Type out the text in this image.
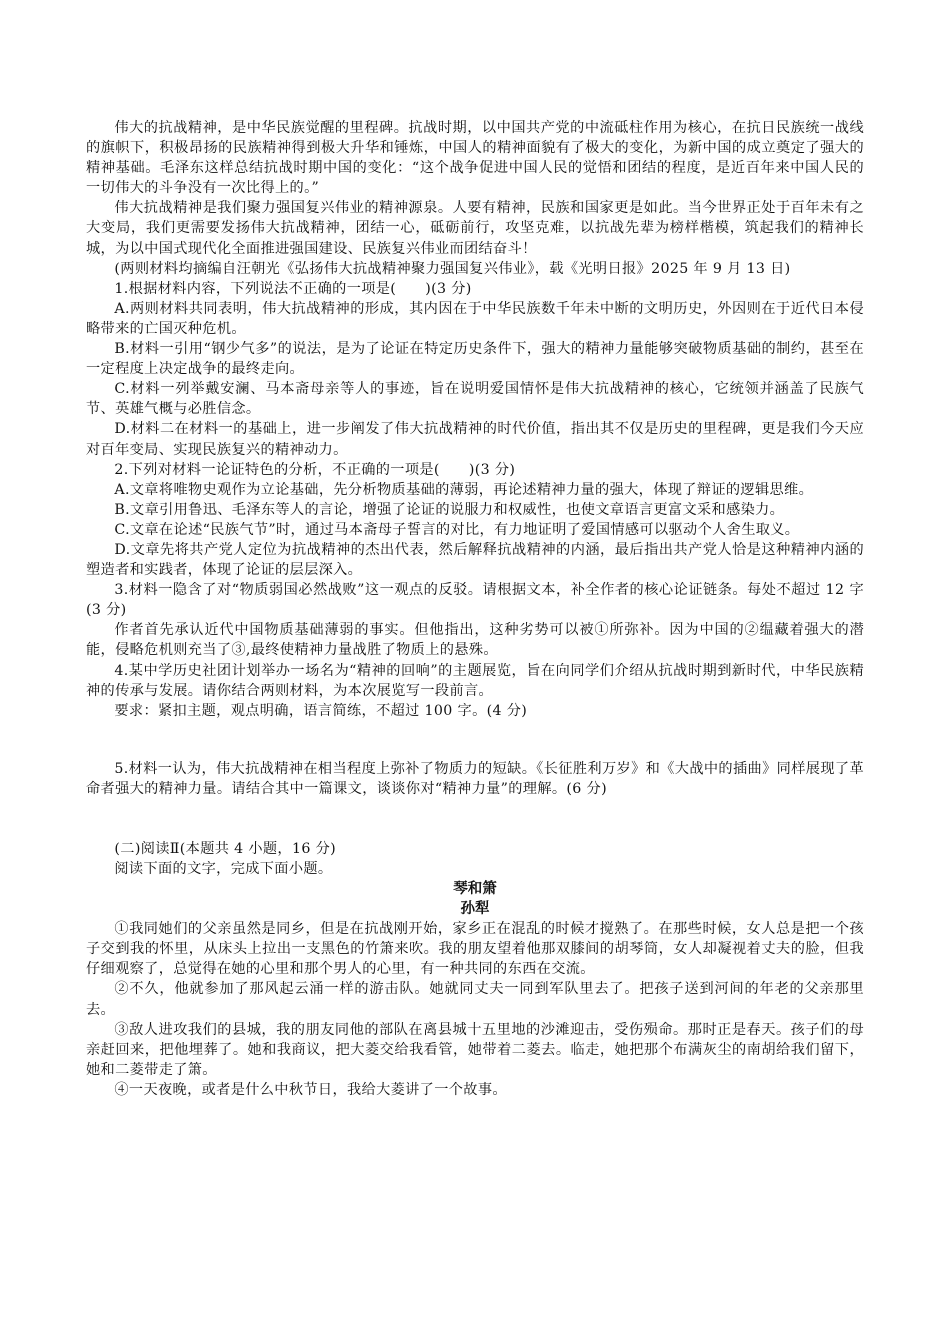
伟大的抗战精神，是中华民族觉醒的里程碑。抗战时期，以中国共产党的中流砥柱作用为核心，在抗日民族统一战线的旗帜下，积极昂扬的民族精神得到极大升华和锤炼，中国人的精神面貌有了极大的变化，为新中国的成立奠定了强大的精神基础。毛泽东这样总结抗战时期中国的变化：“这个战争促进中国人民的觉悟和团结的程度，是近百年来中国人民的一切伟大的斗争没有一次比得上的。”

伟大抗战精神是我们聚力强国复兴伟业的精神源泉。人要有精神，民族和国家更是如此。当今世界正处于百年未有之大变局，我们更需要发扬伟大抗战精神，团结一心，砥砺前行，攻坚克难，以抗战先辈为榜样楷模，筑起我们的精神长城，为以中国式现代化全面推进强国建设、民族复兴伟业而团结奋斗！

(两则材料均摘编自汪朝光《弘扬伟大抗战精神聚力强国复兴伟业》，载《光明日报》2025 年 9 月 13 日)

1.根据材料内容，下列说法不正确的一项是(　　)(3 分)

A.两则材料共同表明，伟大抗战精神的形成，其内因在于中华民族数千年未中断的文明历史，外因则在于近代日本侵略带来的亡国灭种危机。

B.材料一引用“钢少气多”的说法，是为了论证在特定历史条件下，强大的精神力量能够突破物质基础的制约，甚至在一定程度上决定战争的最终走向。

C.材料一列举戴安澜、马本斋母亲等人的事迹，旨在说明爱国情怀是伟大抗战精神的核心，它统领并涵盖了民族气节、英雄气概与必胜信念。

D.材料二在材料一的基础上，进一步阐发了伟大抗战精神的时代价值，指出其不仅是历史的里程碑，更是我们今天应对百年变局、实现民族复兴的精神动力。

2.下列对材料一论证特色的分析，不正确的一项是(　　)(3 分)

A.文章将唯物史观作为立论基础，先分析物质基础的薄弱，再论述精神力量的强大，体现了辩证的逻辑思维。

B.文章引用鲁迅、毛泽东等人的言论，增强了论证的说服力和权威性，也使文章语言更富文采和感染力。

C.文章在论述“民族气节”时，通过马本斋母子誓言的对比，有力地证明了爱国情感可以驱动个人舍生取义。

D.文章先将共产党人定位为抗战精神的杰出代表，然后解释抗战精神的内涵，最后指出共产党人恰是这种精神内涵的塑造者和实践者，体现了论证的层层深入。

3.材料一隐含了对“物质弱国必然战败”这一观点的反驳。请根据文本，补全作者的核心论证链条。每处不超过 12 字(3 分)

作者首先承认近代中国物质基础薄弱的事实。但他指出，这种劣势可以被①所弥补。因为中国的②缊藏着强大的潜能，侵略危机则充当了③,最终使精神力量战胜了物质上的悬殊。

4.某中学历史社团计划举办一场名为“精神的回响”的主题展览，旨在向同学们介绍从抗战时期到新时代，中华民族精神的传承与发展。请你结合两则材料，为本次展览写一段前言。

要求：紧扣主题，观点明确，语言简练，不超过 100 字。(4 分)

5.材料一认为，伟大抗战精神在相当程度上弥补了物质力的短缺。《长征胜利万岁》和《大战中的插曲》同样展现了革命者强大的精神力量。请结合其中一篇课文，谈谈你对“精神力量”的理解。(6 分)

(二)阅读Ⅱ(本题共 4 小题，16 分)

阅读下面的文字，完成下面小题。

琴和箫

孙犁

①我同她们的父亲虽然是同乡，但是在抗战刚开始，家乡正在混乱的时候才搅熟了。在那些时候，女人总是把一个孩子交到我的怀里，从床头上拉出一支黑色的竹箫来吹。我的朋友望着他那双膝间的胡琴筒，女人却凝视着丈夫的脸，但我仔细观察了，总觉得在她的心里和那个男人的心里，有一种共同的东西在交流。

②不久，他就参加了那风起云涌一样的游击队。她就同丈夫一同到军队里去了。把孩子送到河间的年老的父亲那里去。

③敌人进攻我们的县城，我的朋友同他的部队在离县城十五里地的沙滩迎击，受伤殒命。那时正是春天。孩子们的母亲赶回来，把他埋葬了。她和我商议，把大菱交给我看管，她带着二菱去。临走，她把那个布满灰尘的南胡给我们留下，她和二菱带走了箫。

④一天夜晚，或者是什么中秋节日，我给大菱讲了一个故事。
